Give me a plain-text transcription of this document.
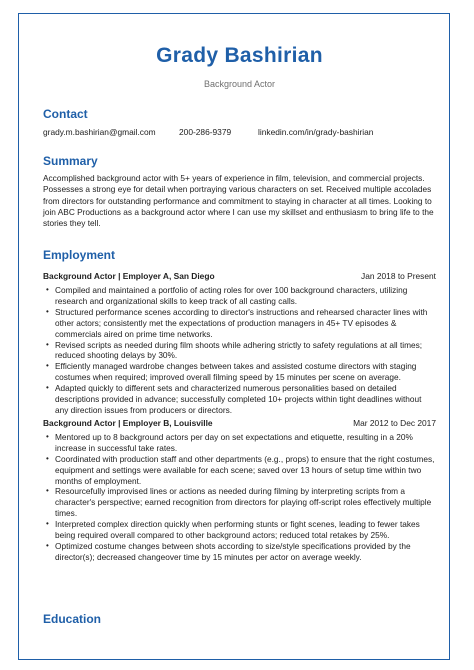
Grady Bashirian
Background Actor
Contact
grady.m.bashirian@gmail.com	200-286-9379	linkedin.com/in/grady-bashirian
Summary
Accomplished background actor with 5+ years of experience in film, television, and commercial projects. Possesses a strong eye for detail when portraying various characters on set. Received multiple accolades from directors for outstanding performance and commitment to staying in character at all times. Looking to join ABC Productions as a background actor where I can use my skillset and enthusiasm to bring life to the stories they tell.
Employment
Background Actor | Employer A, San Diego	Jan 2018 to Present
• Compiled and maintained a portfolio of acting roles for over 100 background characters, utilizing research and organizational skills to keep track of all casting calls.
• Structured performance scenes according to director's instructions and rehearsed character lines with other actors; consistently met the expectations of production managers in 45+ TV episodes & commercials aired on prime time networks.
• Revised scripts as needed during film shoots while adhering strictly to safety regulations at all times; reduced shooting delays by 30%.
• Efficiently managed wardrobe changes between takes and assisted costume directors with staging costumes when required; improved overall filming speed by 15 minutes per scene on average.
• Adapted quickly to different sets and characterized numerous personalities based on detailed descriptions provided in advance; successfully completed 10+ projects within tight deadlines without any direction issues from producers or directors.
Background Actor | Employer B, Louisville	Mar 2012 to Dec 2017
• Mentored up to 8 background actors per day on set expectations and etiquette, resulting in a 20% increase in successful take rates.
• Coordinated with production staff and other departments (e.g., props) to ensure that the right costumes, equipment and settings were available for each scene; saved over 13 hours of setup time within two months of employment.
• Resourcefully improvised lines or actions as needed during filming by interpreting scripts from a character's perspective; earned recognition from directors for playing off-script roles effectively multiple times.
• Interpreted complex direction quickly when performing stunts or fight scenes, leading to fewer takes being required overall compared to other background actors; reduced total retakes by 25%.
• Optimized costume changes between shots according to size/style specifications provided by the director(s); decreased changeover time by 15 minutes per actor on average weekly.
Education
